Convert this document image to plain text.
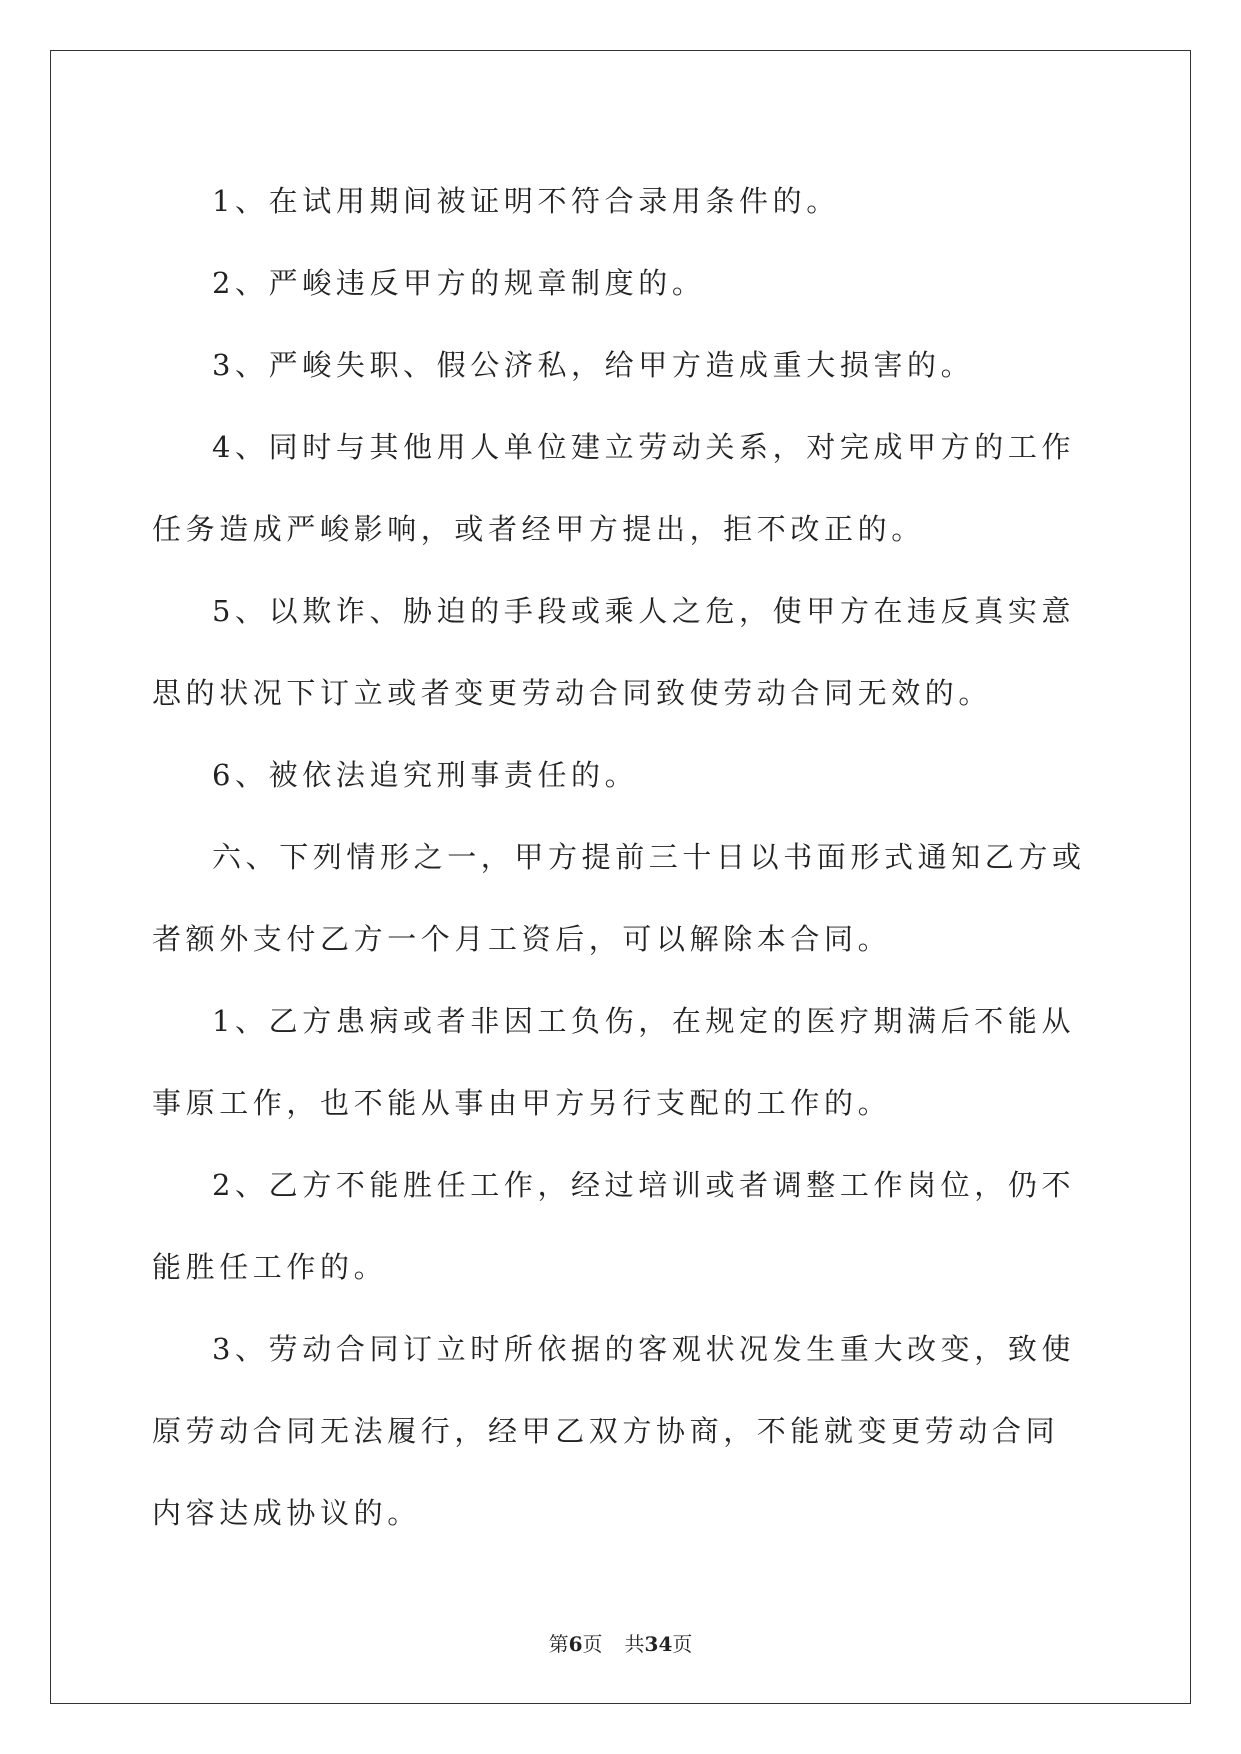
1、在试用期间被证明不符合录用条件的。

2、严峻违反甲方的规章制度的。

3、严峻失职、假公济私，给甲方造成重大损害的。

4、同时与其他用人单位建立劳动关系，对完成甲方的工作任务造成严峻影响，或者经甲方提出，拒不改正的。

5、以欺诈、胁迫的手段或乘人之危，使甲方在违反真实意思的状况下订立或者变更劳动合同致使劳动合同无效的。

6、被依法追究刑事责任的。

六、下列情形之一，甲方提前三十日以书面形式通知乙方或者额外支付乙方一个月工资后，可以解除本合同。

1、乙方患病或者非因工负伤，在规定的医疗期满后不能从事原工作，也不能从事由甲方另行支配的工作的。

2、乙方不能胜任工作，经过培训或者调整工作岗位，仍不能胜任工作的。

3、劳动合同订立时所依据的客观状况发生重大改变，致使原劳动合同无法履行，经甲乙双方协商，不能就变更劳动合同内容达成协议的。

第6页 共34页
